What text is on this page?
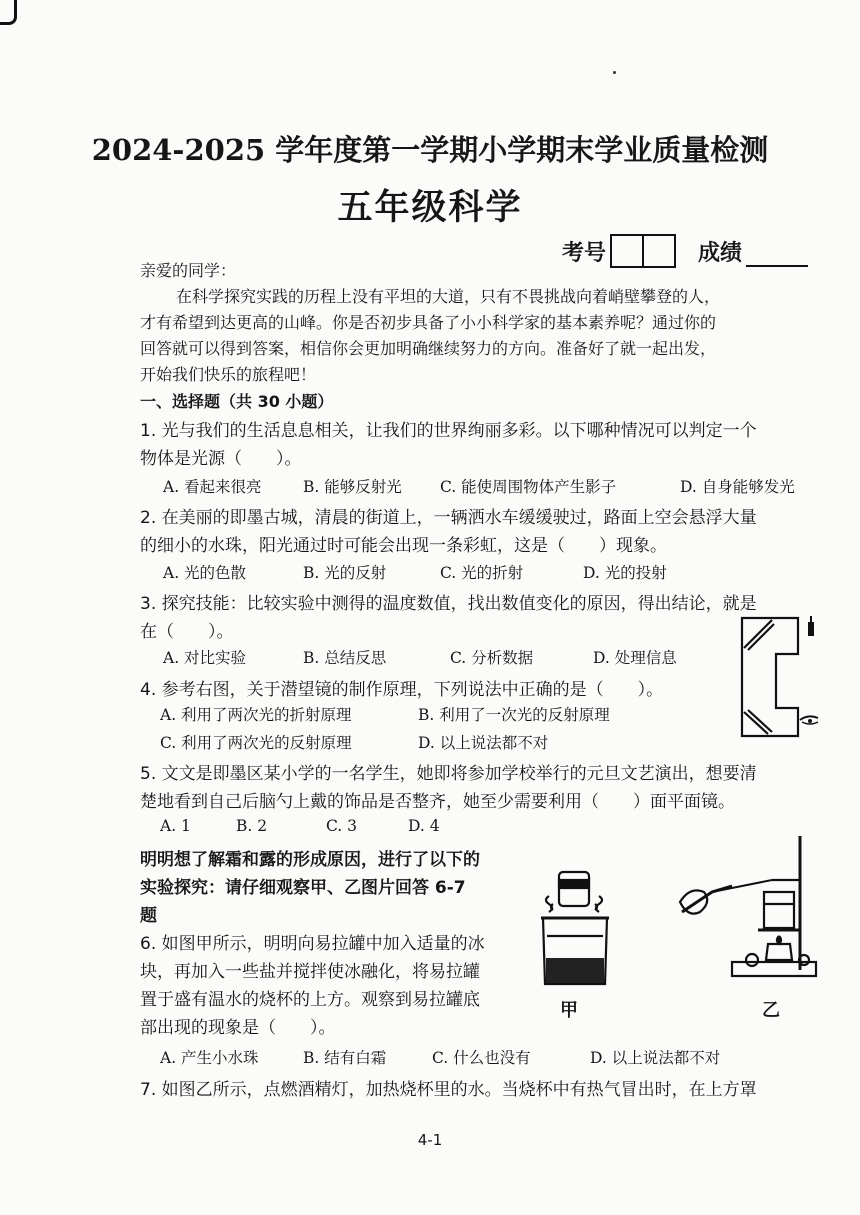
2024-2025 学年度第一学期小学期末学业质量检测
五年级科学
考号	成绩
亲爱的同学：
在科学探究实践的历程上没有平坦的大道，只有不畏挑战向着峭壁攀登的人，
才有希望到达更高的山峰。你是否初步具备了小小科学家的基本素养呢？通过你的
回答就可以得到答案，相信你会更加明确继续努力的方向。准备好了就一起出发，
开始我们快乐的旅程吧！
一、选择题（共 30 小题）
1. 光与我们的生活息息相关，让我们的世界绚丽多彩。以下哪种情况可以判定一个
物体是光源（　　）。
A. 看起来很亮	B. 能够反射光 C. 能使周围物体产生影子	D. 自身能够发光
2. 在美丽的即墨古城，清晨的街道上，一辆洒水车缓缓驶过，路面上空会悬浮大量
的细小的水珠，阳光通过时可能会出现一条彩虹，这是（　　）现象。
A. 光的色散	B. 光的反射	C. 光的折射	D. 光的投射
3. 探究技能：比较实验中测得的温度数值，找出数值变化的原因，得出结论，就是
在（　　）。
A. 对比实验	B. 总结反思	C. 分析数据	D. 处理信息
4. 参考右图，关于潜望镜的制作原理，下列说法中正确的是（　　）。
A. 利用了两次光的折射原理	B. 利用了一次光的反射原理
C. 利用了两次光的反射原理	D. 以上说法都不对
5. 文文是即墨区某小学的一名学生，她即将参加学校举行的元旦文艺演出，想要清
楚地看到自己后脑勺上戴的饰品是否整齐，她至少需要利用（　　）面平面镜。
A. 1	B. 2	C. 3	D. 4
明明想了解霜和露的形成原因，进行了以下的
实验探究：请仔细观察甲、乙图片回答 6-7
题
6. 如图甲所示，明明向易拉罐中加入适量的冰
块，再加入一些盐并搅拌使冰融化，将易拉罐
置于盛有温水的烧杯的上方。观察到易拉罐底
部出现的现象是（　　）。
A. 产生小水珠	B. 结有白霜	C. 什么也没有	D. 以上说法都不对
7. 如图乙所示，点燃酒精灯，加热烧杯里的水。当烧杯中有热气冒出时，在上方罩
甲	乙
4-1
